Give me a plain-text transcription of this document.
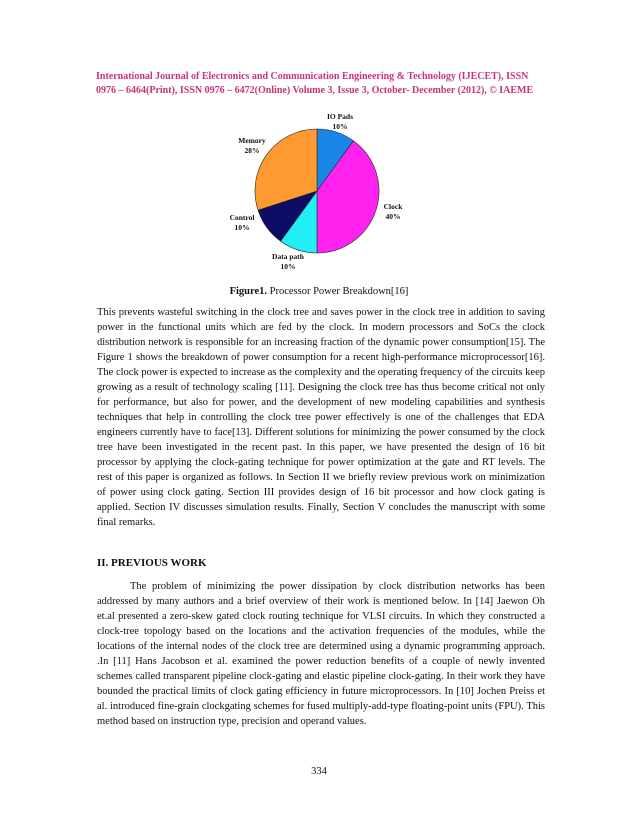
International Journal of Electronics and Communication Engineering & Technology (IJECET), ISSN
0976 – 6464(Print), ISSN 0976 – 6472(Online) Volume 3, Issue 3, October- December (2012), © IAEME
IO Pads
10%
Clock
40%
Data path
10%
Control
10%
Memory
28%
Figure1. Processor Power Breakdown[16]

This prevents wasteful switching in the clock tree and saves power in the clock tree in addition to saving power in the functional units which are fed by the clock. In modern processors and SoCs the clock distribution network is responsible for an increasing fraction of the dynamic power consumption[15]. The Figure 1 shows the breakdown of power consumption for a recent high-performance microprocessor[16]. The clock power is expected to increase as the complexity and the operating frequency of the circuits keep growing as a result of technology scaling [11]. Designing the clock tree has thus become critical not only for performance, but also for power, and the development of new modeling capabilities and synthesis techniques that help in controlling the clock tree power effectively is one of the challenges that EDA engineers currently have to face[13]. Different solutions for minimizing the power consumed by the clock tree have been investigated in the recent past. In this paper, we have presented the design of 16 bit processor by applying the clock-gating technique for power optimization at the gate and RT levels. The rest of this paper is organized as follows. In Section II we briefly review previous work on minimization of power using clock gating. Section III provides design of 16 bit processor and how clock gating is applied. Section IV discusses simulation results. Finally, Section V concludes the manuscript with some final remarks.

II. PREVIOUS WORK

The problem of minimizing the power dissipation by clock distribution networks has been addressed by many authors and a brief overview of their work is mentioned below. In [14] Jaewon Oh et.al presented a zero-skew gated clock routing technique for VLSI circuits. In which they constructed a clock-tree topology based on the locations and the activation frequencies of the modules, while the locations of the internal nodes of the clock tree are determined using a dynamic programming approach. .In [11] Hans Jacobson et al. examined the power reduction benefits of a couple of newly invented schemes called transparent pipeline clock-gating and elastic pipeline clock-gating. In their work they have bounded the practical limits of clock gating efficiency in future microprocessors. In [10] Jochen Preiss et al. introduced fine-grain clockgating schemes for fused multiply-add-type floating-point units (FPU). This method based on instruction type, precision and operand values.

334
